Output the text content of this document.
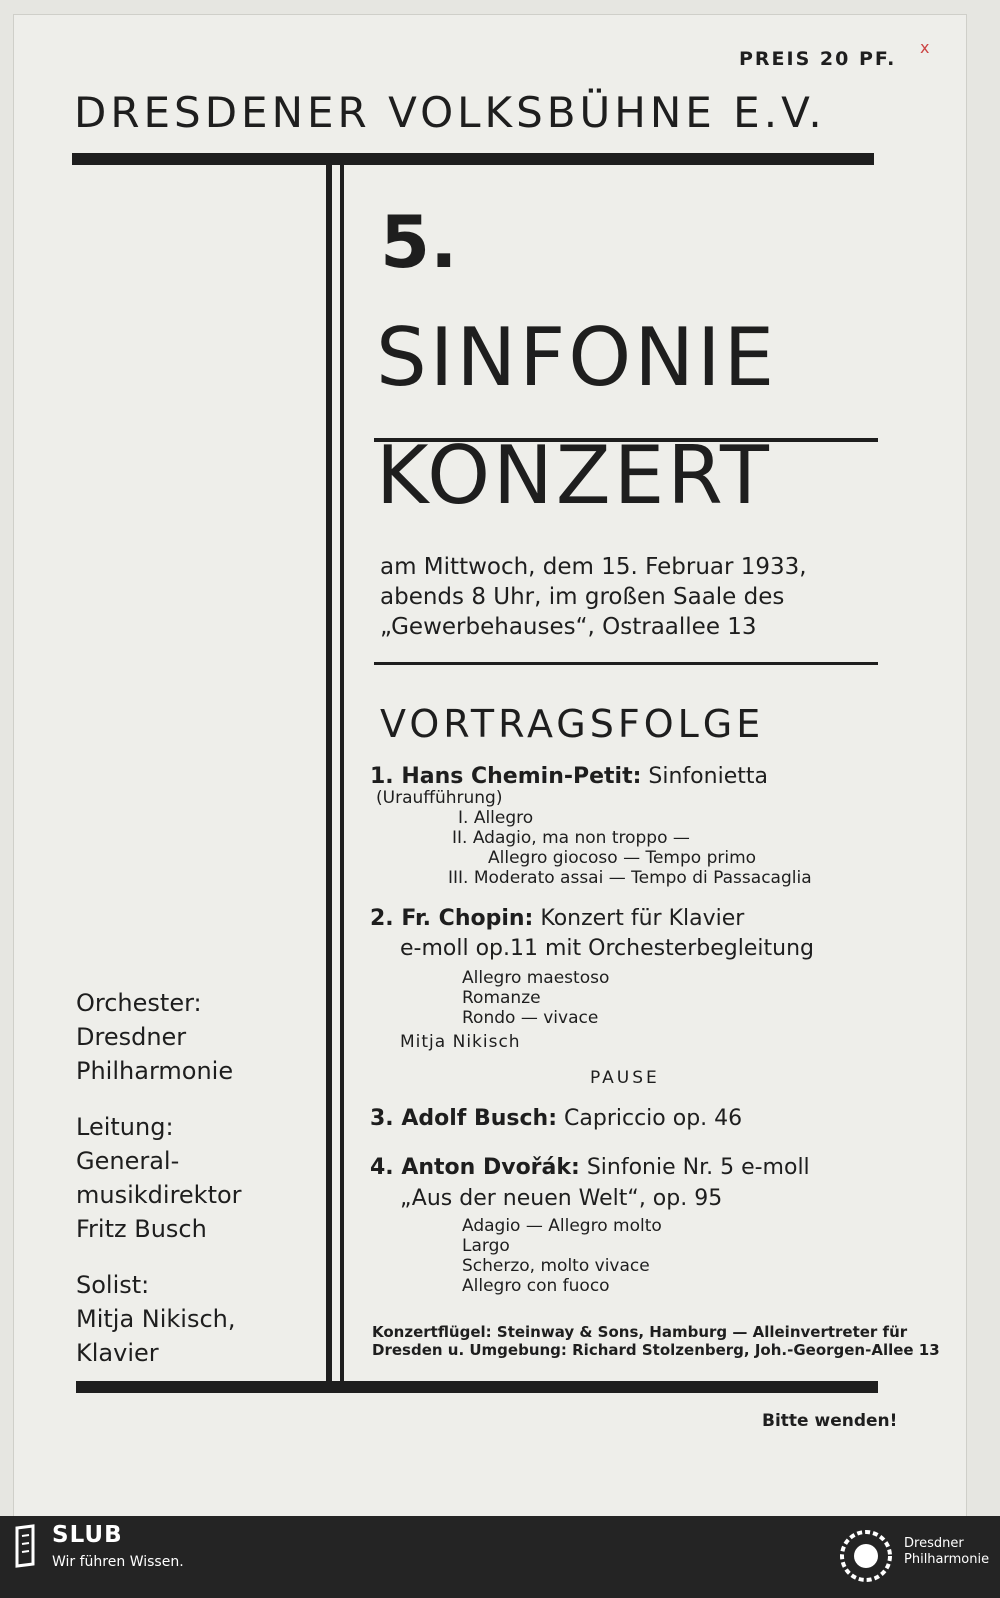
x
PREIS 20 PF.
DRESDENER VOLKSBÜHNE E.V.
5.
SINFONIE
KONZERT
am Mittwoch, dem 15. Februar 1933,
abends 8 Uhr, im großen Saale des
„Gewerbehauses“, Ostraallee 13
VORTRAGSFOLGE
1. Hans Chemin-Petit: Sinfonietta
(Uraufführung)
I. Allegro
II. Adagio, ma non troppo —
Allegro giocoso — Tempo primo
III. Moderato assai — Tempo di Passacaglia
2. Fr. Chopin: Konzert für Klavier
e-moll op.11 mit Orchesterbegleitung
Allegro maestoso
Romanze
Rondo — vivace
Mitja Nikisch
PAUSE
3. Adolf Busch: Capriccio op. 46
4. Anton Dvořák: Sinfonie Nr. 5 e-moll
„Aus der neuen Welt“, op. 95
Adagio — Allegro molto
Largo
Scherzo, molto vivace
Allegro con fuoco
Konzertflügel: Steinway & Sons, Hamburg — Alleinvertreter für
Dresden u. Umgebung: Richard Stolzenberg, Joh.-Georgen-Allee 13
Orchester:
Dresdner
Philharmonie
Leitung:
General-
musikdirektor
Fritz Busch
Solist:
Mitja Nikisch,
Klavier
Bitte wenden!
SLUB
Wir führen Wissen.
Dresdner
Philharmonie
